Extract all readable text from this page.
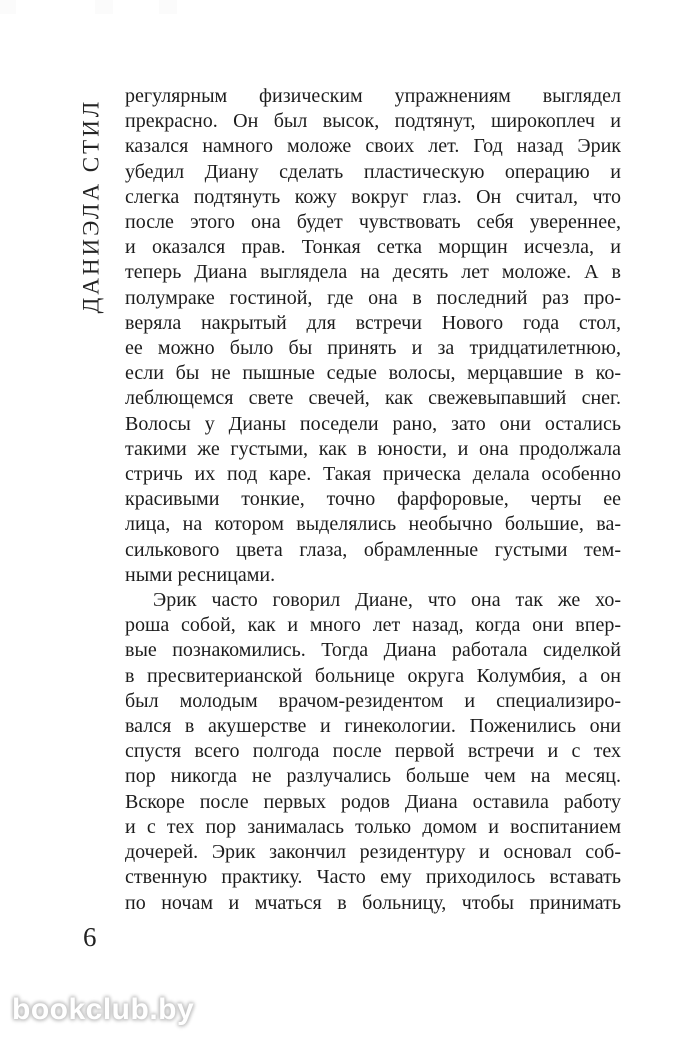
ДАНИЭЛА СТИЛ
регулярным физическим упражнениям выглядел
прекрасно. Он был высок, подтянут, широкоплеч и
казался намного моложе своих лет. Год назад Эрик
убедил Диану сделать пластическую операцию и
слегка подтянуть кожу вокруг глаз. Он считал, что
после этого она будет чувствовать себя увереннее,
и оказался прав. Тонкая сетка морщин исчезла, и
теперь Диана выглядела на десять лет моложе. А в
полумраке гостиной, где она в последний раз про-
веряла накрытый для встречи Нового года стол,
ее можно было бы принять и за тридцатилетнюю,
если бы не пышные седые волосы, мерцавшие в ко-
леблющемся свете свечей, как свежевыпавший снег.
Волосы у Дианы поседели рано, зато они остались
такими же густыми, как в юности, и она продолжала
стричь их под каре. Такая прическа делала особенно
красивыми тонкие, точно фарфоровые, черты ее
лица, на котором выделялись необычно большие, ва-
силькового цвета глаза, обрамленные густыми тем-
ными ресницами.
Эрик часто говорил Диане, что она так же хо-
роша собой, как и много лет назад, когда они впер-
вые познакомились. Тогда Диана работала сиделкой
в пресвитерианской больнице округа Колумбия, а он
был молодым врачом-резидентом и специализиро-
вался в акушерстве и гинекологии. Поженились они
спустя всего полгода после первой встречи и с тех
пор никогда не разлучались больше чем на месяц.
Вскоре после первых родов Диана оставила работу
и с тех пор занималась только домом и воспитанием
дочерей. Эрик закончил резидентуру и основал соб-
ственную практику. Часто ему приходилось вставать
по ночам и мчаться в больницу, чтобы принимать
6
bookclub.by
